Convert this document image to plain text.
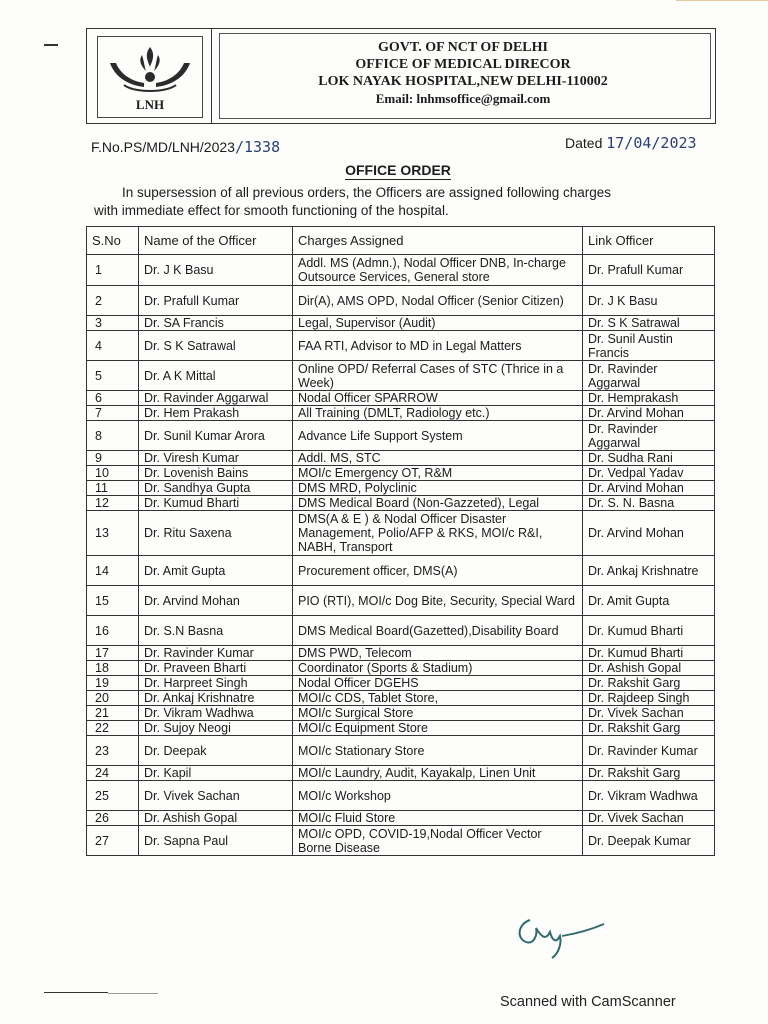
LNH
GOVT. OF NCT OF DELHI
OFFICE OF MEDICAL DIRECOR
LOK NAYAK HOSPITAL,NEW DELHI-110002
Email: lnhmsoffice@gmail.com
F.No.PS/MD/LNH/2023/1338	Dated 17/04/2023
OFFICE ORDER
In supersession of all previous orders, the Officers are assigned following charges
with immediate effect for smooth functioning of the hospital.
S.No	Name of the Officer	Charges Assigned	Link Officer
1	Dr. J K Basu	Addl. MS (Admn.), Nodal Officer DNB, In-charge Outsource Services, General store	Dr. Prafull Kumar
2	Dr. Prafull Kumar	Dir(A), AMS OPD, Nodal Officer (Senior Citizen)	Dr. J K Basu
3	Dr. SA Francis	Legal, Supervisor (Audit)	Dr. S K Satrawal
4	Dr. S K Satrawal	FAA RTI, Advisor to MD in Legal Matters	Dr. Sunil Austin Francis
5	Dr. A K Mittal	Online OPD/ Referral Cases of STC (Thrice in a Week)	Dr. Ravinder Aggarwal
6	Dr. Ravinder Aggarwal	Nodal Officer SPARROW	Dr. Hemprakash
7	Dr. Hem Prakash	All Training (DMLT, Radiology etc.)	Dr. Arvind Mohan
8	Dr. Sunil Kumar Arora	Advance Life Support System	Dr. Ravinder Aggarwal
9	Dr. Viresh Kumar	Addl. MS, STC	Dr. Sudha Rani
10	Dr. Lovenish Bains	MOI/c Emergency OT, R&M	Dr. Vedpal Yadav
11	Dr. Sandhya Gupta	DMS MRD, Polyclinic	Dr. Arvind Mohan
12	Dr. Kumud Bharti	DMS Medical Board (Non-Gazzeted), Legal	Dr. S. N. Basna
13	Dr. Ritu Saxena	DMS(A & E ) & Nodal Officer Disaster Management, Polio/AFP & RKS, MOI/c R&I, NABH, Transport	Dr. Arvind Mohan
14	Dr. Amit Gupta	Procurement officer, DMS(A)	Dr. Ankaj Krishnatre
15	Dr. Arvind Mohan	PIO (RTI), MOI/c Dog Bite, Security, Special Ward	Dr. Amit Gupta
16	Dr. S.N Basna	DMS Medical Board(Gazetted),Disability Board	Dr. Kumud Bharti
17	Dr. Ravinder Kumar	DMS PWD, Telecom	Dr. Kumud Bharti
18	Dr. Praveen Bharti	Coordinator (Sports & Stadium)	Dr. Ashish Gopal
19	Dr. Harpreet Singh	Nodal Officer DGEHS	Dr. Rakshit Garg
20	Dr. Ankaj Krishnatre	MOI/c CDS, Tablet Store,	Dr. Rajdeep Singh
21	Dr. Vikram Wadhwa	MOI/c Surgical Store	Dr. Vivek Sachan
22	Dr. Sujoy Neogi	MOI/c Equipment Store	Dr. Rakshit Garg
23	Dr. Deepak	MOI/c Stationary Store	Dr. Ravinder Kumar
24	Dr. Kapil	MOI/c Laundry, Audit, Kayakalp, Linen Unit	Dr. Rakshit Garg
25	Dr. Vivek Sachan	MOI/c Workshop	Dr. Vikram Wadhwa
26	Dr. Ashish Gopal	MOI/c Fluid Store	Dr. Vivek Sachan
27	Dr. Sapna Paul	MOI/c OPD, COVID-19,Nodal Officer Vector Borne Disease	Dr. Deepak Kumar
Scanned with CamScanner
